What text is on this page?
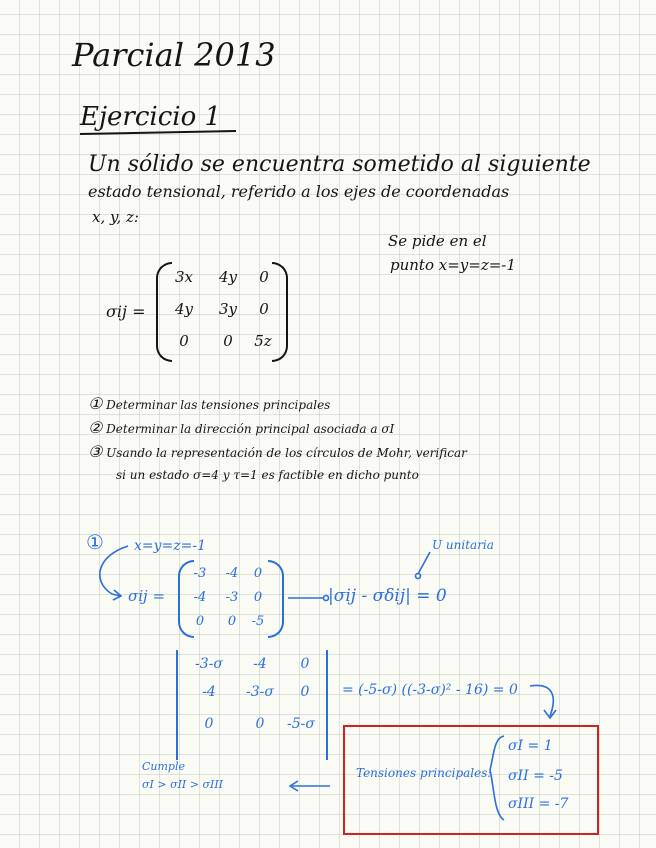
Parcial 2013
Ejercicio 1
Un sólido se encuentra sometido al siguiente
estado tensional, referido a los ejes de coordenadas
x, y, z:
Se pide en el
punto x=y=z=-1
σij =
3x	4y	0
4y	3y	0
0	0	5z
① Determinar las tensiones principales
② Determinar la dirección principal asociada a σI
③ Usando la representación de los círculos de Mohr, verificar
si un estado σ=4 y τ=1 es factible en dicho punto
① x=y=z=-1	U unitaria
σij =
-3	-4	0
-4	-3	0
0	0	-5
|σij - σδij| = 0
-3-σ	-4	0
-4	-3-σ	0
0	0	-5-σ
= (-5-σ) ((-3-σ)² - 16) = 0
Cumple
σI > σII > σIII
Tensiones principales:
σI = 1
σII = -5
σIII = -7
